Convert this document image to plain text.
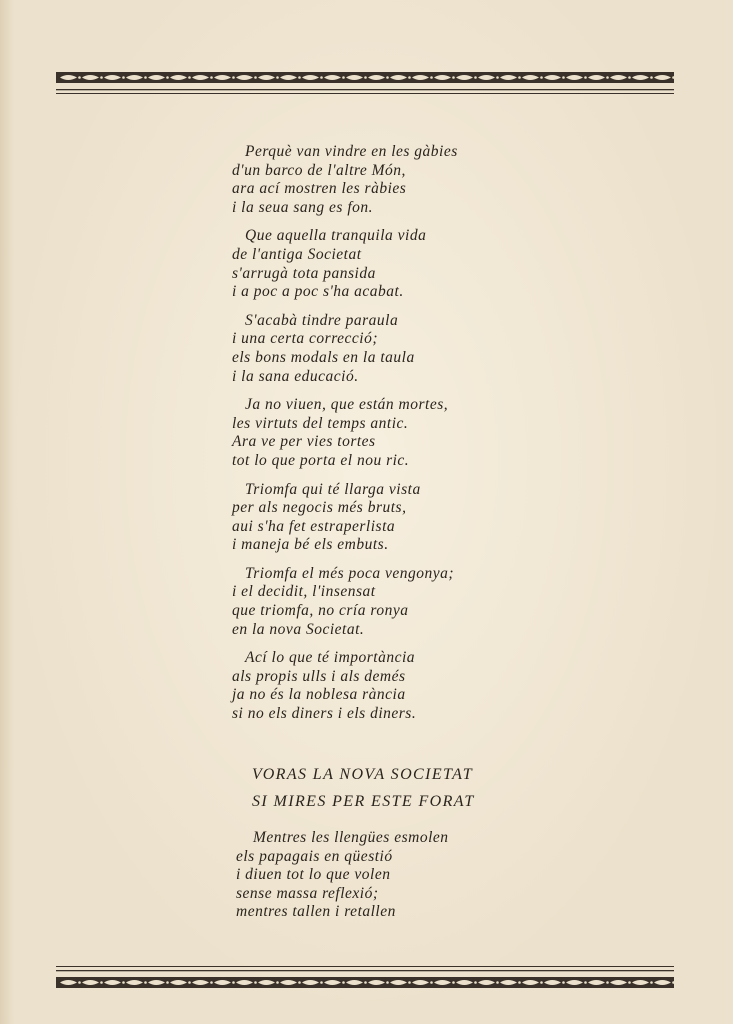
Perquè van vindre en les gàbies
d'un barco de l'altre Món,
ara ací mostren les ràbies
i la seua sang es fon.
Que aquella tranquila vida
de l'antiga Societat
s'arrugà tota pansida
i a poc a poc s'ha acabat.
S'acabà tindre paraula
i una certa correcció;
els bons modals en la taula
i la sana educació.
Ja no viuen, que están mortes,
les virtuts del temps antic.
Ara ve per vies tortes
tot lo que porta el nou ric.
Triomfa qui té llarga vista
per als negocis més bruts,
aui s'ha fet estraperlista
i maneja bé els embuts.
Triomfa el més poca vengonya;
i el decidit, l'insensat
que triomfa, no cría ronya
en la nova Societat.
Ací lo que té importància
als propis ulls i als demés
ja no és la noblesa rància
si no els diners i els diners.
VORAS LA NOVA SOCIETAT
SI MIRES PER ESTE FORAT
Mentres les llengües esmolen
els papagais en qüestió
i diuen tot lo que volen
sense massa reflexió;
mentres tallen i retallen
